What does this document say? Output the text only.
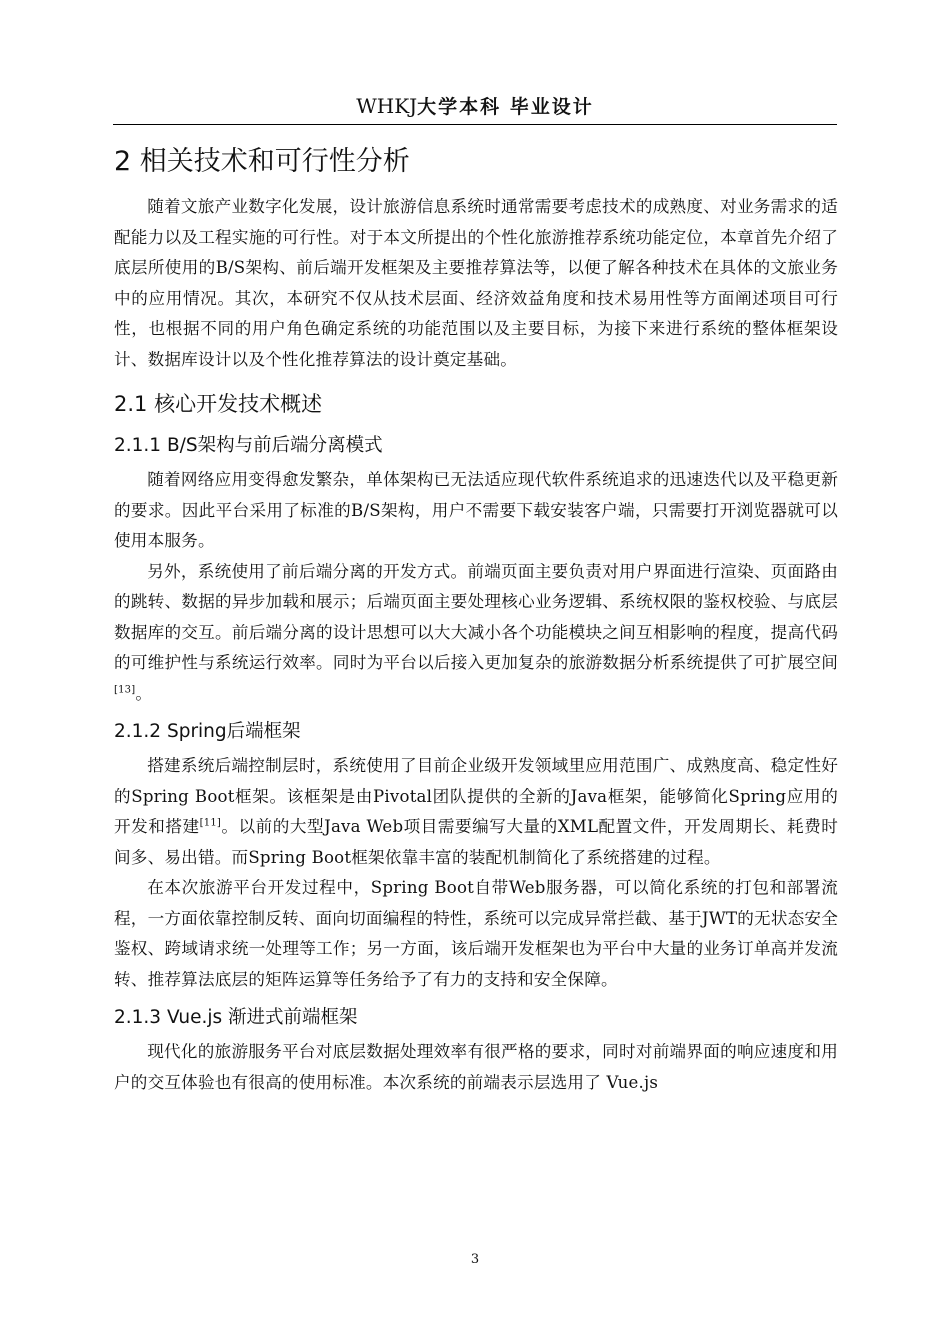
WHKJ大学本科 毕业设计
2 相关技术和可行性分析

随着文旅产业数字化发展，设计旅游信息系统时通常需要考虑技术的成熟度、对业务需求的适配能力以及工程实施的可行性。对于本文所提出的个性化旅游推荐系统功能定位，本章首先介绍了底层所使用的B/S架构、前后端开发框架及主要推荐算法等，以便了解各种技术在具体的文旅业务中的应用情况。其次，本研究不仅从技术层面、经济效益角度和技术易用性等方面阐述项目可行性，也根据不同的用户角色确定系统的功能范围以及主要目标，为接下来进行系统的整体框架设计、数据库设计以及个性化推荐算法的设计奠定基础。

2.1 核心开发技术概述
2.1.1 B/S架构与前后端分离模式

随着网络应用变得愈发繁杂，单体架构已无法适应现代软件系统追求的迅速迭代以及平稳更新的要求。因此平台采用了标准的B/S架构，用户不需要下载安装客户端，只需要打开浏览器就可以使用本服务。

另外，系统使用了前后端分离的开发方式。前端页面主要负责对用户界面进行渲染、页面路由的跳转、数据的异步加载和展示；后端页面主要处理核心业务逻辑、系统权限的鉴权校验、与底层数据库的交互。前后端分离的设计思想可以大大减小各个功能模块之间互相影响的程度，提高代码的可维护性与系统运行效率。同时为平台以后接入更加复杂的旅游数据分析系统提供了可扩展空间[13]。

2.1.2 Spring后端框架

搭建系统后端控制层时，系统使用了目前企业级开发领域里应用范围广、成熟度高、稳定性好的Spring Boot框架。该框架是由Pivotal团队提供的全新的Java框架，能够简化Spring应用的开发和搭建[11]。以前的大型Java Web项目需要编写大量的XML配置文件，开发周期长、耗费时间多、易出错。而Spring Boot框架依靠丰富的装配机制简化了系统搭建的过程。

在本次旅游平台开发过程中，Spring Boot自带Web服务器，可以简化系统的打包和部署流程，一方面依靠控制反转、面向切面编程的特性，系统可以完成异常拦截、基于JWT的无状态安全鉴权、跨域请求统一处理等工作；另一方面，该后端开发框架也为平台中大量的业务订单高并发流转、推荐算法底层的矩阵运算等任务给予了有力的支持和安全保障。

2.1.3 Vue.js 渐进式前端框架

现代化的旅游服务平台对底层数据处理效率有很严格的要求，同时对前端界面的响应速度和用户的交互体验也有很高的使用标准。本次系统的前端表示层选用了 Vue.js

3
